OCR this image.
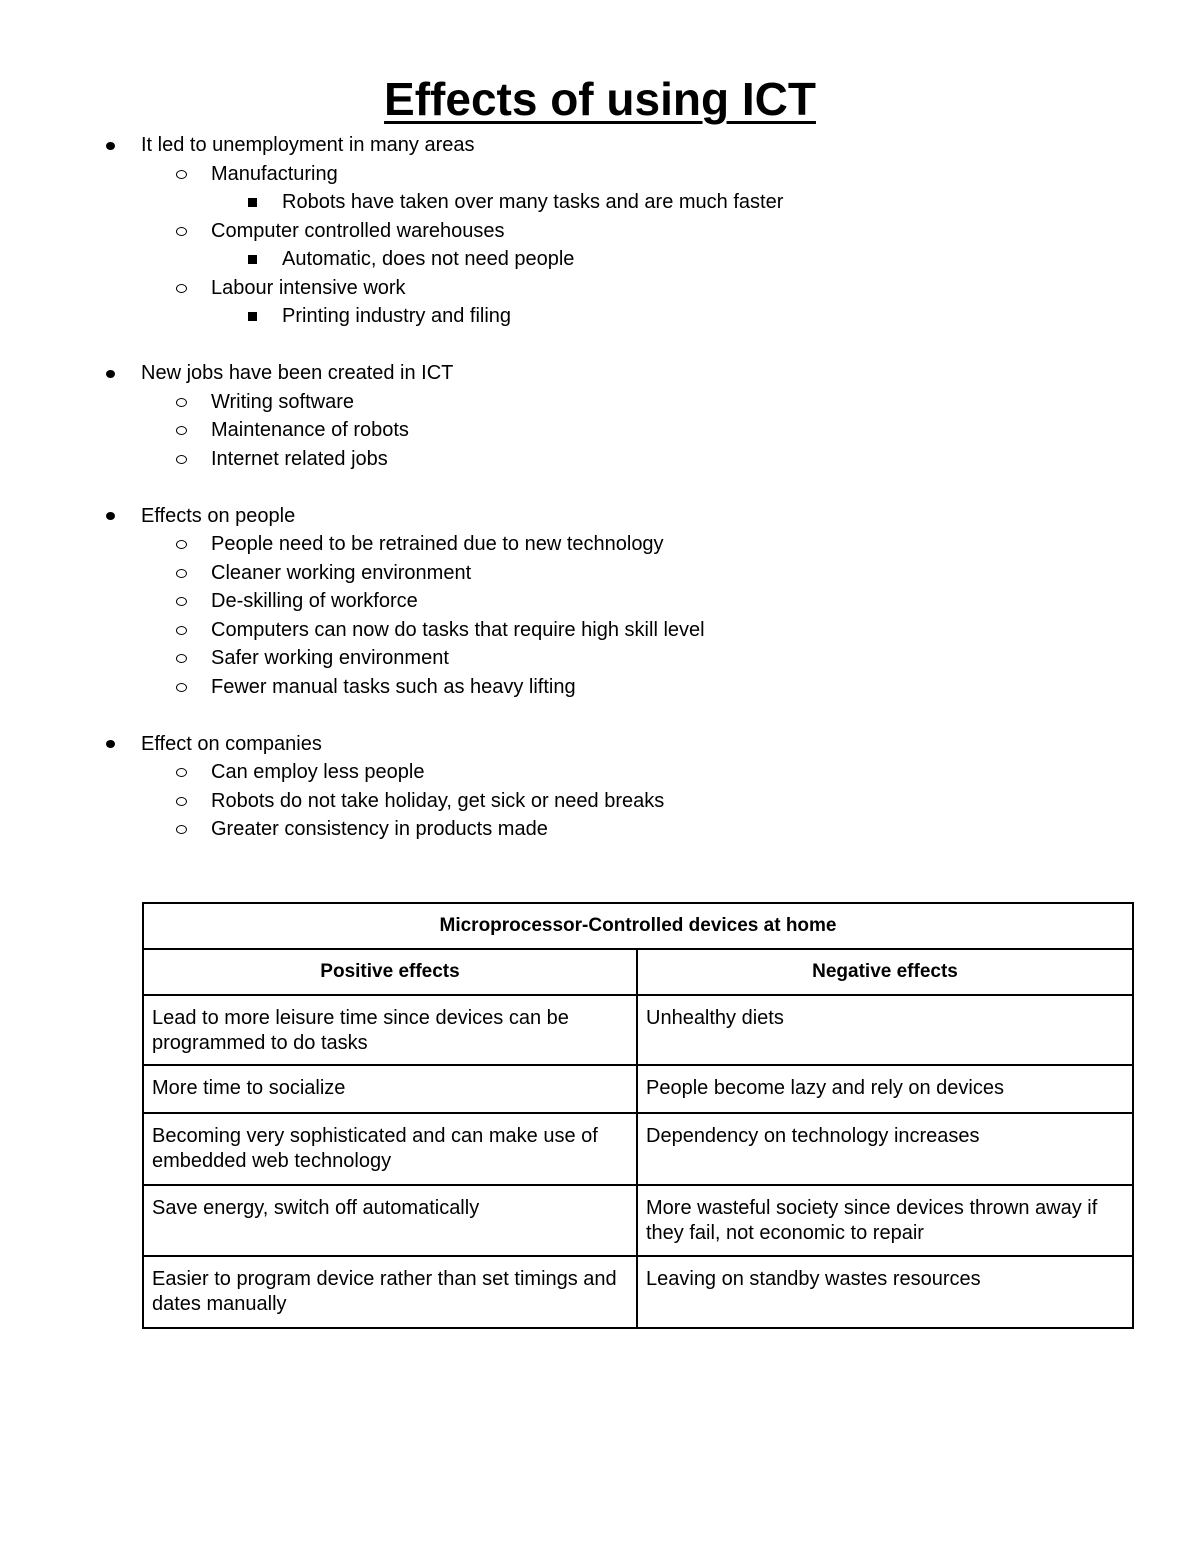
Effects of using ICT
It led to unemployment in many areas
Manufacturing
Robots have taken over many tasks and are much faster
Computer controlled warehouses
Automatic, does not need people
Labour intensive work
Printing industry and filing
New jobs have been created in ICT
Writing software
Maintenance of robots
Internet related jobs
Effects on people
People need to be retrained due to new technology
Cleaner working environment
De-skilling of workforce
Computers can now do tasks that require high skill level
Safer working environment
Fewer manual tasks such as heavy lifting
Effect on companies
Can employ less people
Robots do not take holiday, get sick or need breaks
Greater consistency in products made
Microprocessor-Controlled devices at home	
Positive effects	Negative effects
Lead to more leisure time since devices can be programmed to do tasks	Unhealthy diets
More time to socialize	People become lazy and rely on devices
Becoming very sophisticated and can make use of embedded web technology	Dependency on technology increases
Save energy, switch off automatically	More wasteful society since devices thrown away if they fail, not economic to repair
Easier to program device rather than set timings and dates manually	Leaving on standby wastes resources
